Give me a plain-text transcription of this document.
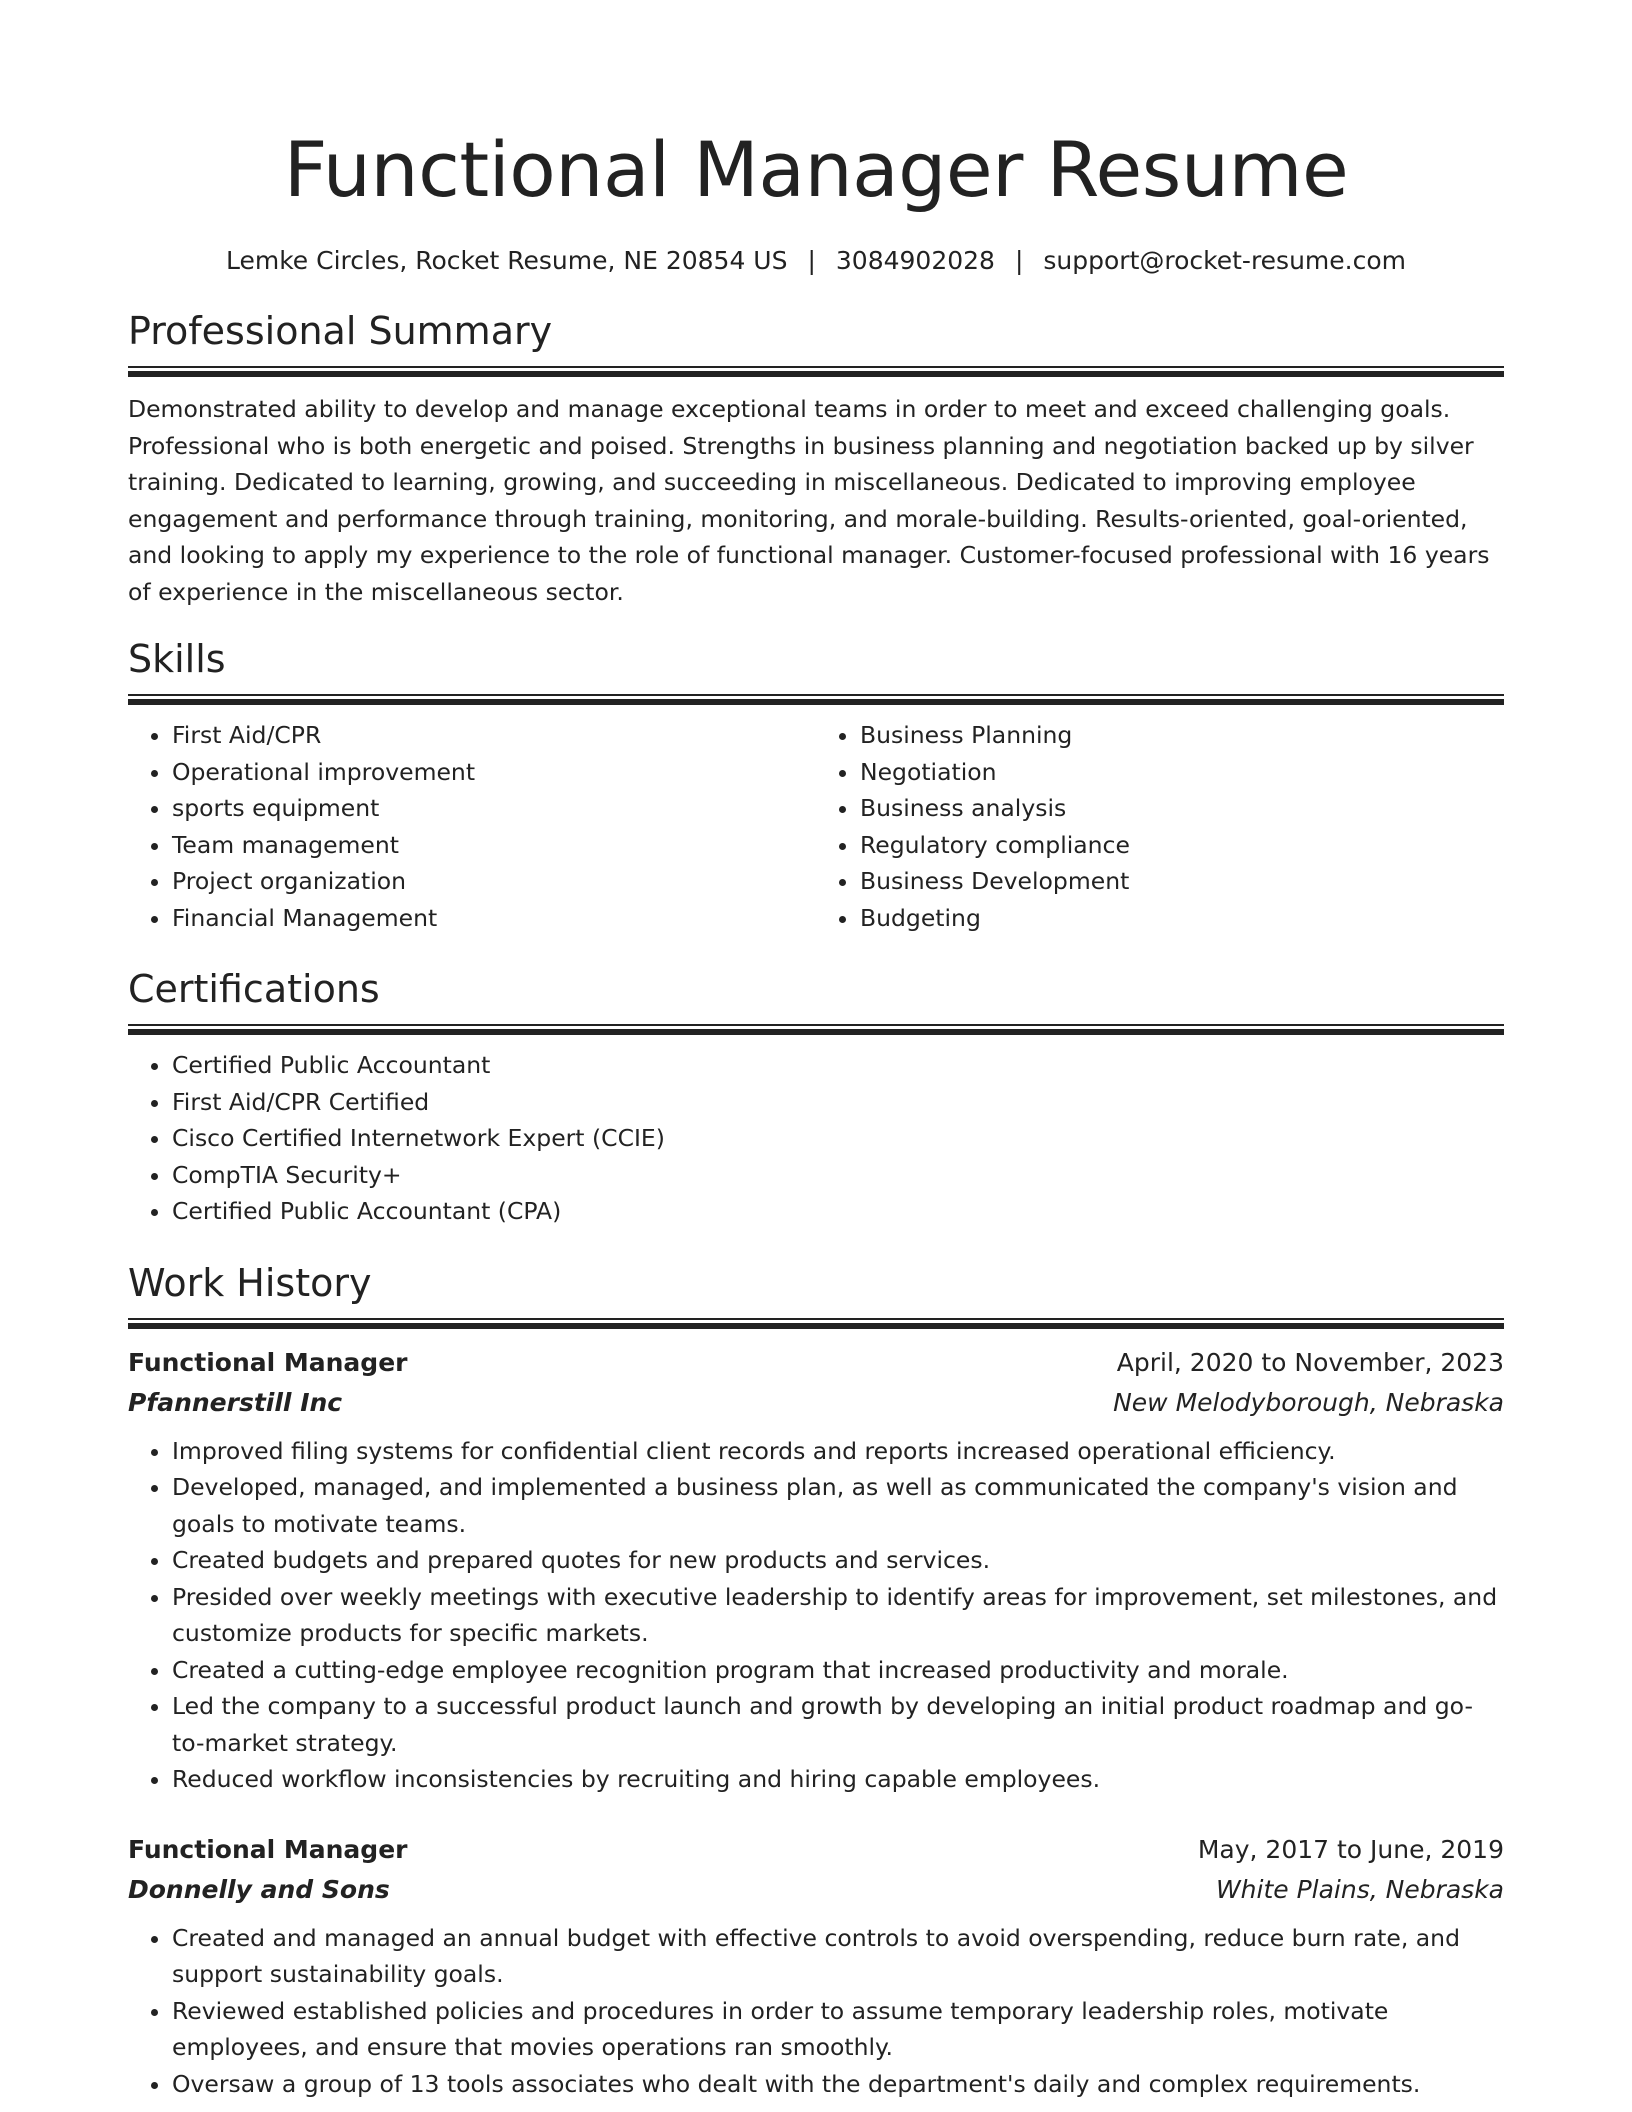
Functional Manager Resume
Lemke Circles, Rocket Resume, NE 20854 US | 3084902028 | support@rocket-resume.com
Professional Summary

Demonstrated ability to develop and manage exceptional teams in order to meet and exceed challenging goals. Professional who is both energetic and poised. Strengths in business planning and negotiation backed up by silver training. Dedicated to learning, growing, and succeeding in miscellaneous. Dedicated to improving employee engagement and performance through training, monitoring, and morale-building. Results-oriented, goal-oriented, and looking to apply my experience to the role of functional manager. Customer-focused professional with 16 years of experience in the miscellaneous sector.

Skills
• First Aid/CPR
• Operational improvement
• sports equipment
• Team management
• Project organization
• Financial Management
• Business Planning
• Negotiation
• Business analysis
• Regulatory compliance
• Business Development
• Budgeting
Certifications
• Certified Public Accountant
• First Aid/CPR Certified
• Cisco Certified Internetwork Expert (CCIE)
• CompTIA Security+
• Certified Public Accountant (CPA)
Work History
Functional Manager	April, 2020 to November, 2023
Pfannerstill Inc	New Melodyborough, Nebraska
• Improved filing systems for confidential client records and reports increased operational efficiency.
• Developed, managed, and implemented a business plan, as well as communicated the company's vision and goals to motivate teams.
• Created budgets and prepared quotes for new products and services.
• Presided over weekly meetings with executive leadership to identify areas for improvement, set milestones, and customize products for specific markets.
• Created a cutting-edge employee recognition program that increased productivity and morale.
• Led the company to a successful product launch and growth by developing an initial product roadmap and go-to-market strategy.
• Reduced workflow inconsistencies by recruiting and hiring capable employees.
Functional Manager	May, 2017 to June, 2019
Donnelly and Sons	White Plains, Nebraska
• Created and managed an annual budget with effective controls to avoid overspending, reduce burn rate, and support sustainability goals.
• Reviewed established policies and procedures in order to assume temporary leadership roles, motivate employees, and ensure that movies operations ran smoothly.
• Oversaw a group of 13 tools associates who dealt with the department's daily and complex requirements.
